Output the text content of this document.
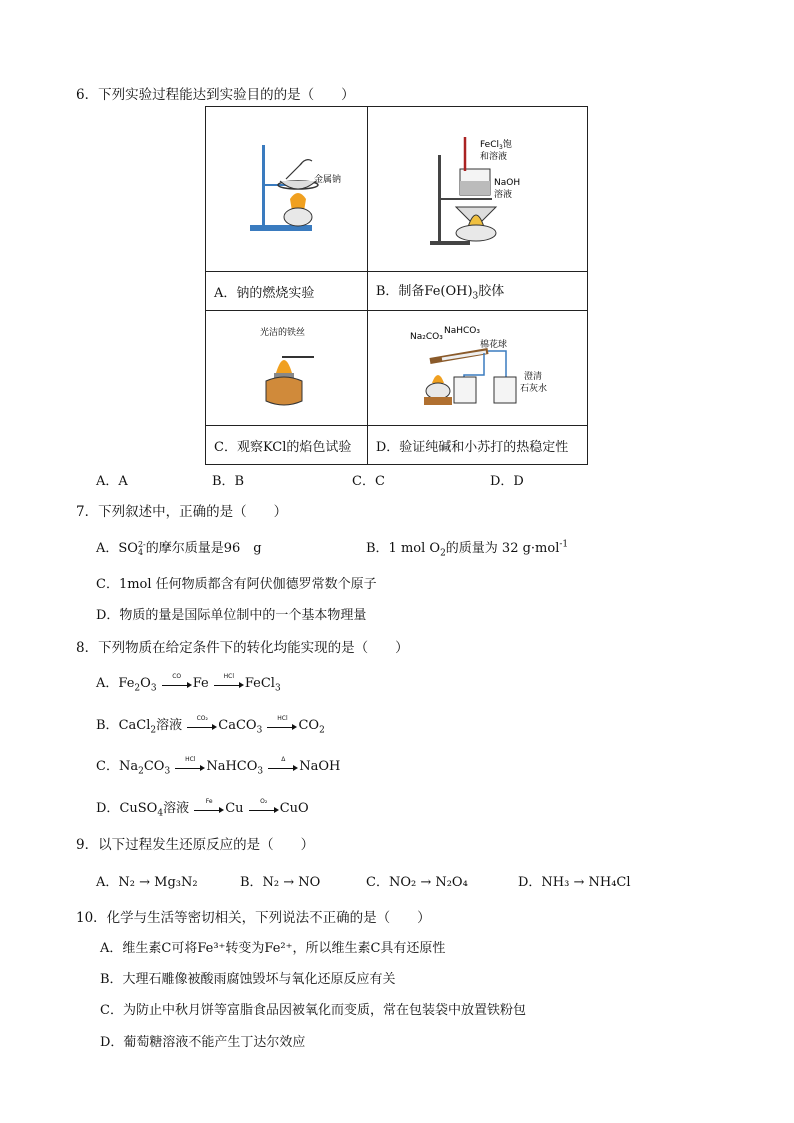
6．下列实验过程能达到实验目的的是（　　）
金属钠	FeCl$_3$饱
和溶液
NaOH
溶液

A．钠的燃烧实验	B．制备$Fe(OH)_3$胶体

光洁的铁丝	Na₂CO₃
NaHCO₃
棉花球
澄清
石灰水

C．观察KCl的焰色试验	D．验证纯碱和小苏打的热稳定性
A．A	B．B	C．C	D．D
7．下列叙述中，正确的是（　　）
A．SO2-
4 的摩尔质量是96　g	B．1 mol $O_2$的质量为 32 g·mol$^{-1}$
C．1mol 任何物质都含有阿伏伽德罗常数个原子
D．物质的量是国际单位制中的一个基本物理量
8．下列物质在给定条件下的转化均能实现的是（　　）
A．$Fe_2O_3$
CO Fe	HCl FeCl$_3$
B．CaCl$_2$溶液	CO₂ CaCO$_3$
HCl $CO_2$
C．$Na_2CO_3$
HCl NaHCO$_3$
Δ	NaOH
D．CuSO$_4$溶液	Fe Cu	O₂ CuO
9．以下过程发生还原反应的是（　　）
A．N₂ → Mg₃N₂	B．N₂ → NO	C．NO₂ → N₂O₄	D．NH₃ → NH₄Cl
10．化学与生活等密切相关，下列说法不正确的是（　　）
A．维生素C可将Fe³⁺转变为Fe²⁺，所以维生素C具有还原性
B．大理石雕像被酸雨腐蚀毁坏与氧化还原反应有关
C．为防止中秋月饼等富脂食品因被氧化而变质，常在包装袋中放置铁粉包
D．葡萄糖溶液不能产生丁达尔效应
